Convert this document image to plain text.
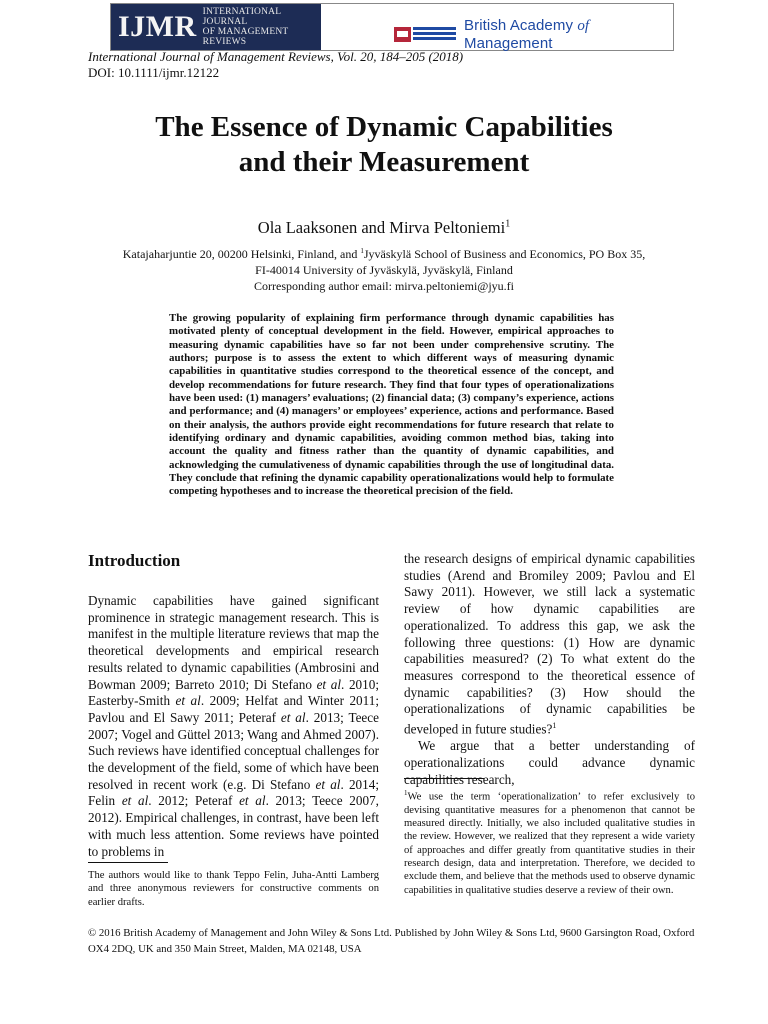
IJMR INTERNATIONAL JOURNAL
OF MANAGEMENT REVIEWS
British Academy of Management
International Journal of Management Reviews, Vol. 20, 184–205 (2018)
DOI: 10.1111/ijmr.12122
The Essence of Dynamic Capabilities
and their Measurement
Ola Laaksonen and Mirva Peltoniemi$^1$
Katajaharjuntie 20, 00200 Helsinki, Finland, and $^1$Jyväskylä School of Business and Economics, PO Box 35,
FI-40014 University of Jyväskylä, Jyväskylä, Finland
Corresponding author email: mirva.peltoniemi@jyu.fi
The growing popularity of explaining firm performance through dynamic capabilities has motivated plenty of conceptual development in the field. However, empirical approaches to measuring dynamic capabilities have so far not been under comprehensive scrutiny. The authors; purpose is to assess the extent to which different ways of measuring dynamic capabilities in quantitative studies correspond to the theoretical essence of the concept, and develop recommendations for future research. They find that four types of operationalizations have been used: (1) managers’ evaluations; (2) financial data; (3) company’s experience, actions and performance; and (4) managers’ or employees’ experience, actions and performance. Based on their analysis, the authors provide eight recommendations for future research that relate to identifying ordinary and dynamic capabilities, avoiding common method bias, taking into account the quality and fitness rather than the quantity of dynamic capabilities, and acknowledging the cumulativeness of dynamic capabilities through the use of longitudinal data. They conclude that refining the dynamic capability operationalizations would help to formulate competing hypotheses and to increase the theoretical precision of the field.
Introduction

Dynamic capabilities have gained significant prominence in strategic management research. This is manifest in the multiple literature reviews that map the theoretical developments and empirical research results related to dynamic capabilities (Ambrosini and Bowman 2009; Barreto 2010; Di Stefano et al. 2010; Easterby-Smith et al. 2009; Helfat and Winter 2011; Pavlou and El Sawy 2011; Peteraf et al. 2013; Teece 2007; Vogel and Güttel 2013; Wang and Ahmed 2007). Such reviews have identified conceptual challenges for the development of the field, some of which have been resolved in recent work (e.g. Di Stefano et al. 2014; Felin et al. 2012; Peteraf et al. 2013; Teece 2007, 2012). Empirical challenges, in contrast, have been left with much less attention. Some reviews have pointed to problems in

The authors would like to thank Teppo Felin, Juha-Antti Lamberg and three anonymous reviewers for constructive comments on earlier drafts.

the research designs of empirical dynamic capabilities studies (Arend and Bromiley 2009; Pavlou and El Sawy 2011). However, we still lack a systematic review of how dynamic capabilities are operationalized. To address this gap, we ask the following three questions: (1) How are dynamic capabilities measured? (2) To what extent do the measures correspond to the theoretical essence of dynamic capabilities? (3) How should the operationalizations of dynamic capabilities be developed in future studies?$^1$

We argue that a better understanding of operationalizations could advance dynamic capabilities research,

$^1$We use the term ‘operationalization’ to refer exclusively to devising quantitative measures for a phenomenon that cannot be measured directly. Initially, we also included qualitative studies in the review. However, we realized that they represent a wide variety of approaches and differ greatly from quantitative studies in their research design, data and interpretation. Therefore, we decided to exclude them, and believe that the methods used to observe dynamic capabilities in qualitative studies deserve a review of their own.
© 2016 British Academy of Management and John Wiley & Sons Ltd. Published by John Wiley & Sons Ltd, 9600 Garsington Road, Oxford OX4 2DQ, UK and 350 Main Street, Malden, MA 02148, USA
